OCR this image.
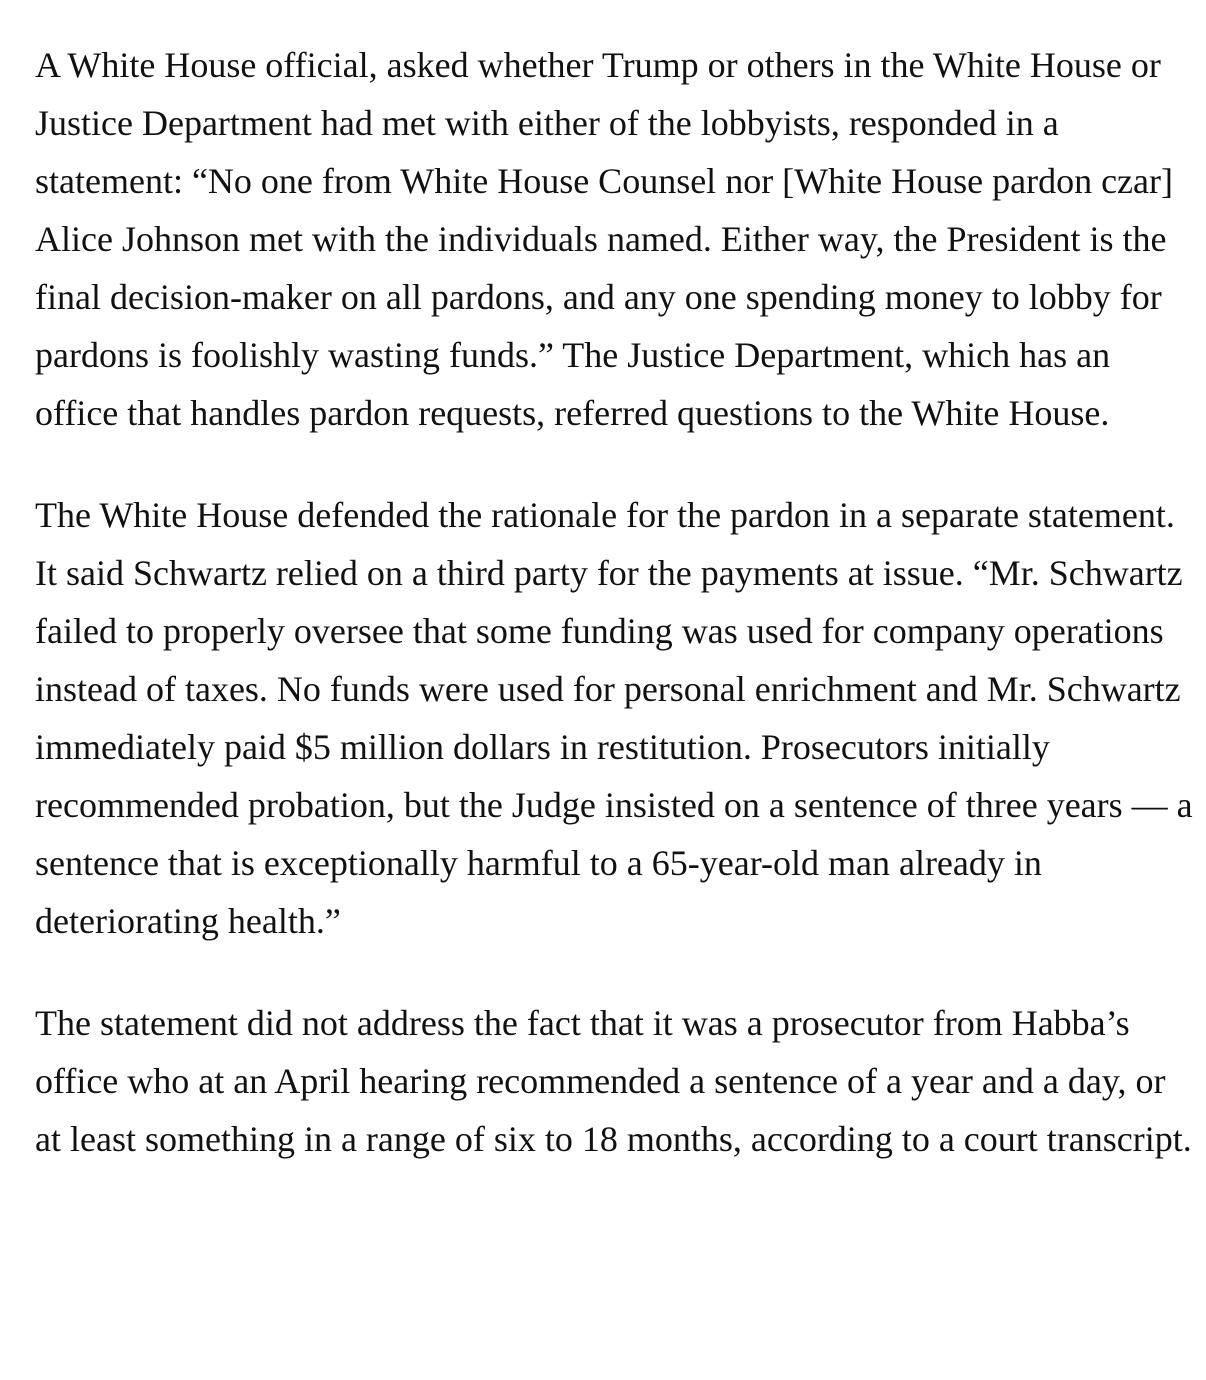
A White House official, asked whether Trump or others in the White House or Justice Department had met with either of the lobbyists, responded in a statement: “No one from White House Counsel nor [White House pardon czar] Alice Johnson met with the individuals named. Either way, the President is the final decision-maker on all pardons, and any one spending money to lobby for pardons is foolishly wasting funds.” The Justice Department, which has an office that handles pardon requests, referred questions to the White House.

The White House defended the rationale for the pardon in a separate statement. It said Schwartz relied on a third party for the payments at issue. “Mr. Schwartz failed to properly oversee that some funding was used for company operations instead of taxes. No funds were used for personal enrichment and Mr. Schwartz immediately paid $5 million dollars in restitution. Prosecutors initially recommended probation, but the Judge insisted on a sentence of three years — a sentence that is exceptionally harmful to a 65-year-old man already in deteriorating health.”

The statement did not address the fact that it was a prosecutor from Habba’s office who at an April hearing recommended a sentence of a year and a day, or at least something in a range of six to 18 months, according to a court transcript.
